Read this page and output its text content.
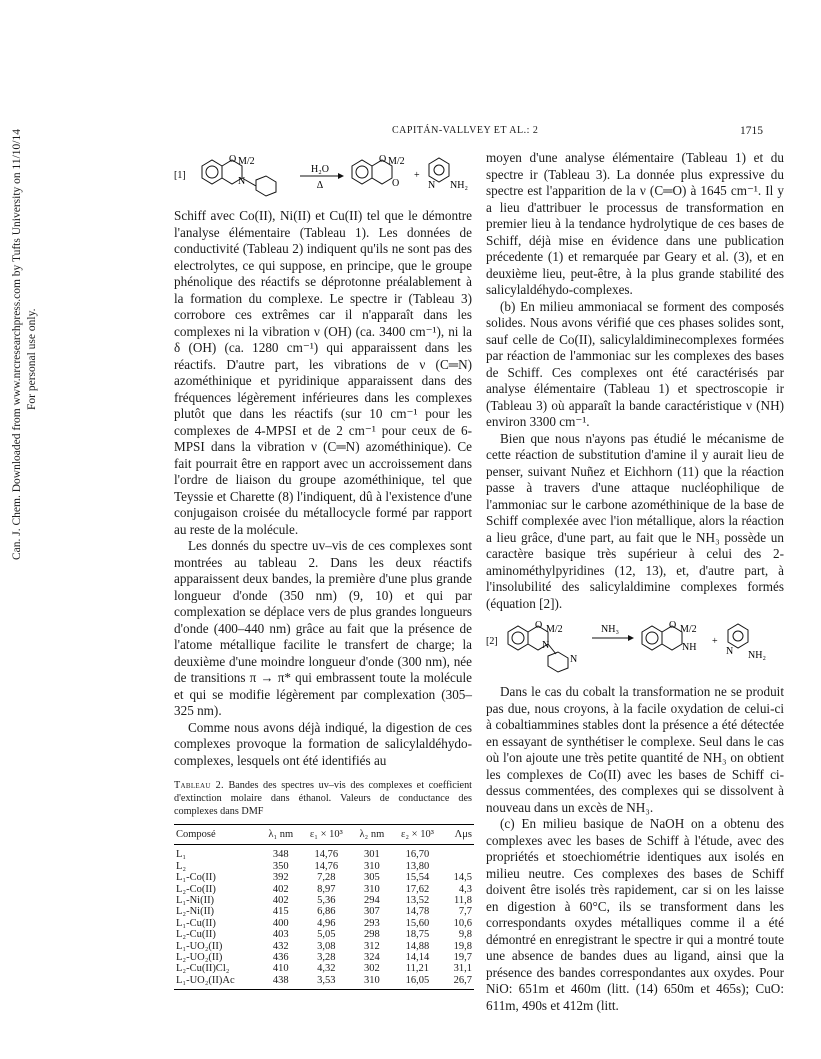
Can. J. Chem. Downloaded from www.nrcresearchpress.com by Tufts University on 11/10/14 For personal use only.
CAPITÁN-VALLVEY ET AL.: 2	1715
[1]
O M/2
N
H₂O
Δ
O M/2
O
+
N NH₂

Schiff avec Co(II), Ni(II) et Cu(II) tel que le démontre l'analyse élémentaire (Tableau 1). Les données de conductivité (Tableau 2) indiquent qu'ils ne sont pas des electrolytes, ce qui suppose, en principe, que le groupe phénolique des réactifs se déprotonne préalablement à la formation du complexe. Le spectre ir (Tableau 3) corrobore ces extrêmes car il n'apparaît dans les complexes ni la vibration ν (OH) (ca. 3400 cm⁻¹), ni la δ (OH) (ca. 1280 cm⁻¹) qui apparaissent dans les réactifs. D'autre part, les vibrations de ν (C═N) azométhinique et pyridinique apparaissent dans des fréquences légèrement inférieures dans les complexes plutôt que dans les réactifs (sur 10 cm⁻¹ pour les complexes de 4-MPSI et de 2 cm⁻¹ pour ceux de 6-MPSI dans la vibration ν (C═N) azométhinique). Ce fait pourrait être en rapport avec un accroissement dans l'ordre de liaison du groupe azométhinique, tel que Teyssie et Charette (8) l'indiquent, dû à l'existence d'une conjugaison croisée du métallocycle formé par rapport au reste de la molécule.

Les donnés du spectre uv–vis de ces complexes sont montrées au tableau 2. Dans les deux réactifs apparaissent deux bandes, la première d'une plus grande longueur d'onde (350 nm) (9, 10) et qui par complexation se déplace vers de plus grandes longueurs d'onde (400–440 nm) grâce au fait que la présence de l'atome métallique facilite le transfert de charge; la deuxième d'une moindre longueur d'onde (300 nm), née de transitions π → π* qui embrassent toute la molécule et qui se modifie légèrement par complexation (305–325 nm).

Comme nous avons déjà indiqué, la digestion de ces complexes provoque la formation de salicylaldéhydo-complexes, lesquels ont été identifiés au

Tableau 2. Bandes des spectres uv–vis des complexes et coefficient d'extinction molaire dans éthanol. Valeurs de conductance des complexes dans DMF
Composé	λ₁ nm	ε₁ × 10³	λ₂ nm	ε₂ × 10³	Λμs
L₁	348	14,76	301	16,70	
L₂	350	14,76	310	13,80	
L₁-Co(II)	392	7,28	305	15,54	14,5
L₂-Co(II)	402	8,97	310	17,62	4,3
L₁-Ni(II)	402	5,36	294	13,52	11,8
L₂-Ni(II)	415	6,86	307	14,78	7,7
L₁-Cu(II)	400	4,96	293	15,60	10,6
L₂-Cu(II)	403	5,05	298	18,75	9,8
L₁-UO₂(II)	432	3,08	312	14,88	19,8
L₂-UO₂(II)	436	3,28	324	14,14	19,7
L₂-Cu(II)Cl₂	410	4,32	302	11,21	31,1
L₁-UO₂(II)Ac	438	3,53	310	16,05	26,7

moyen d'une analyse élémentaire (Tableau 1) et du spectre ir (Tableau 3). La donnée plus expressive du spectre est l'apparition de la ν (C═O) à 1645 cm⁻¹. Il y a lieu d'attribuer le processus de transformation en premier lieu à la tendance hydrolytique de ces bases de Schiff, déjà mise en évidence dans une publication précedente (1) et remarquée par Geary et al. (3), et en deuxième lieu, peut-être, à la plus grande stabilité des salicylaldéhydo-complexes.

(b) En milieu ammoniacal se forment des composés solides. Nous avons vérifié que ces phases solides sont, sauf celle de Co(II), salicylaldiminecomplexes formées par réaction de l'ammoniac sur les complexes des bases de Schiff. Ces complexes ont été caractérisés par analyse élémentaire (Tableau 1) et spectroscopie ir (Tableau 3) où apparaît la bande caractéristique ν (NH) environ 3300 cm⁻¹.

Bien que nous n'ayons pas étudié le mécanisme de cette réaction de substitution d'amine il y aurait lieu de penser, suivant Nuñez et Eichhorn (11) que la réaction passe à travers d'une attaque nucléophilique de l'ammoniac sur le carbone azométhinique de la base de Schiff complexée avec l'ion métallique, alors la réaction a lieu grâce, d'une part, au fait que le NH₃ possède un caractère basique très supérieur à celui des 2-aminométhylpyridines (12, 13), et, d'autre part, à l'insolubilité des salicylaldimine complexes formés (équation [2]).

[2]
O M/2
N
N
NH₃	O M/2
NH
+
N NH₂

Dans le cas du cobalt la transformation ne se produit pas due, nous croyons, à la facile oxydation de celui-ci à cobaltiammines stables dont la présence a été détectée en essayant de synthétiser le complexe. Seul dans le cas où l'on ajoute une très petite quantité de NH₃ on obtient les complexes de Co(II) avec les bases de Schiff ci-dessus commentées, des complexes qui se dissolvent à nouveau dans un excès de NH₃.

(c) En milieu basique de NaOH on a obtenu des complexes avec les bases de Schiff à l'étude, avec des propriétés et stoechiométrie identiques aux isolés en milieu neutre. Ces complexes des bases de Schiff doivent être isolés très rapidement, car si on les laisse en digestion à 60°C, ils se transforment dans les correspondants oxydes métalliques comme il a été démontré en enregistrant le spectre ir qui a montré toute une absence de bandes dues au ligand, ainsi que la présence des bandes correspondantes aux oxydes. Pour NiO: 651m et 460m (litt. (14) 650m et 465s); CuO: 611m, 490s et 412m (litt.
